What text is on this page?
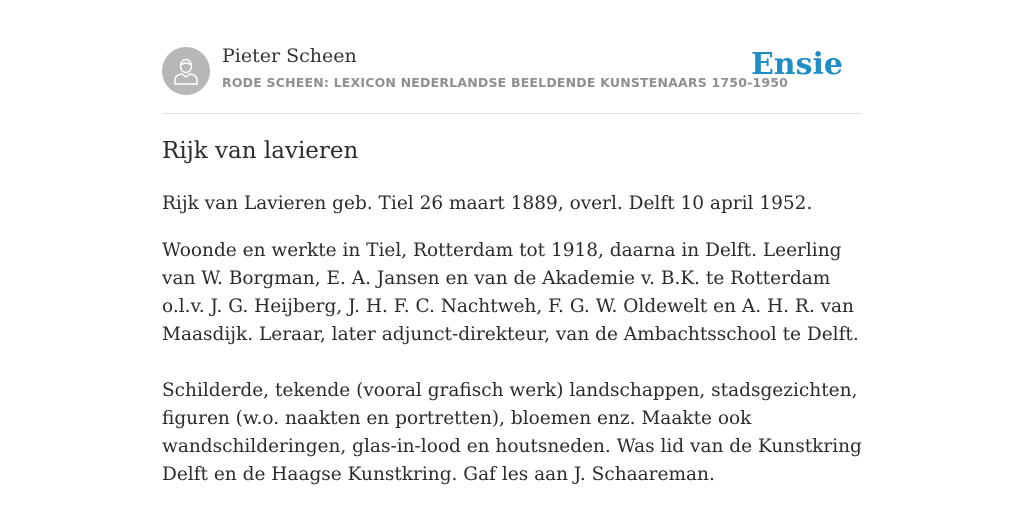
Pieter Scheen
RODE SCHEEN: LEXICON NEDERLANDSE BEELDENDE KUNSTENAARS 1750-1950
Ensie
Rijk van lavieren

Rijk van Lavieren geb. Tiel 26 maart 1889, overl. Delft 10 april 1952.

Woonde en werkte in Tiel, Rotterdam tot 1918, daarna in Delft. Leerling van W. Borgman, E. A. Jansen en van de Akademie v. B.K. te Rotterdam o.l.v. J. G. Heijberg, J. H. F. C. Nachtweh, F. G. W. Oldewelt en A. H. R. van Maasdijk. Leraar, later adjunct-direkteur, van de Ambachtsschool te Delft.

Schilderde, tekende (vooral grafisch werk) landschappen, stadsgezichten, figuren (w.o. naakten en portretten), bloemen enz. Maakte ook wandschilderingen, glas-in-lood en houtsneden. Was lid van de Kunstkring Delft en de Haagse Kunstkring. Gaf les aan J. Schaareman.
